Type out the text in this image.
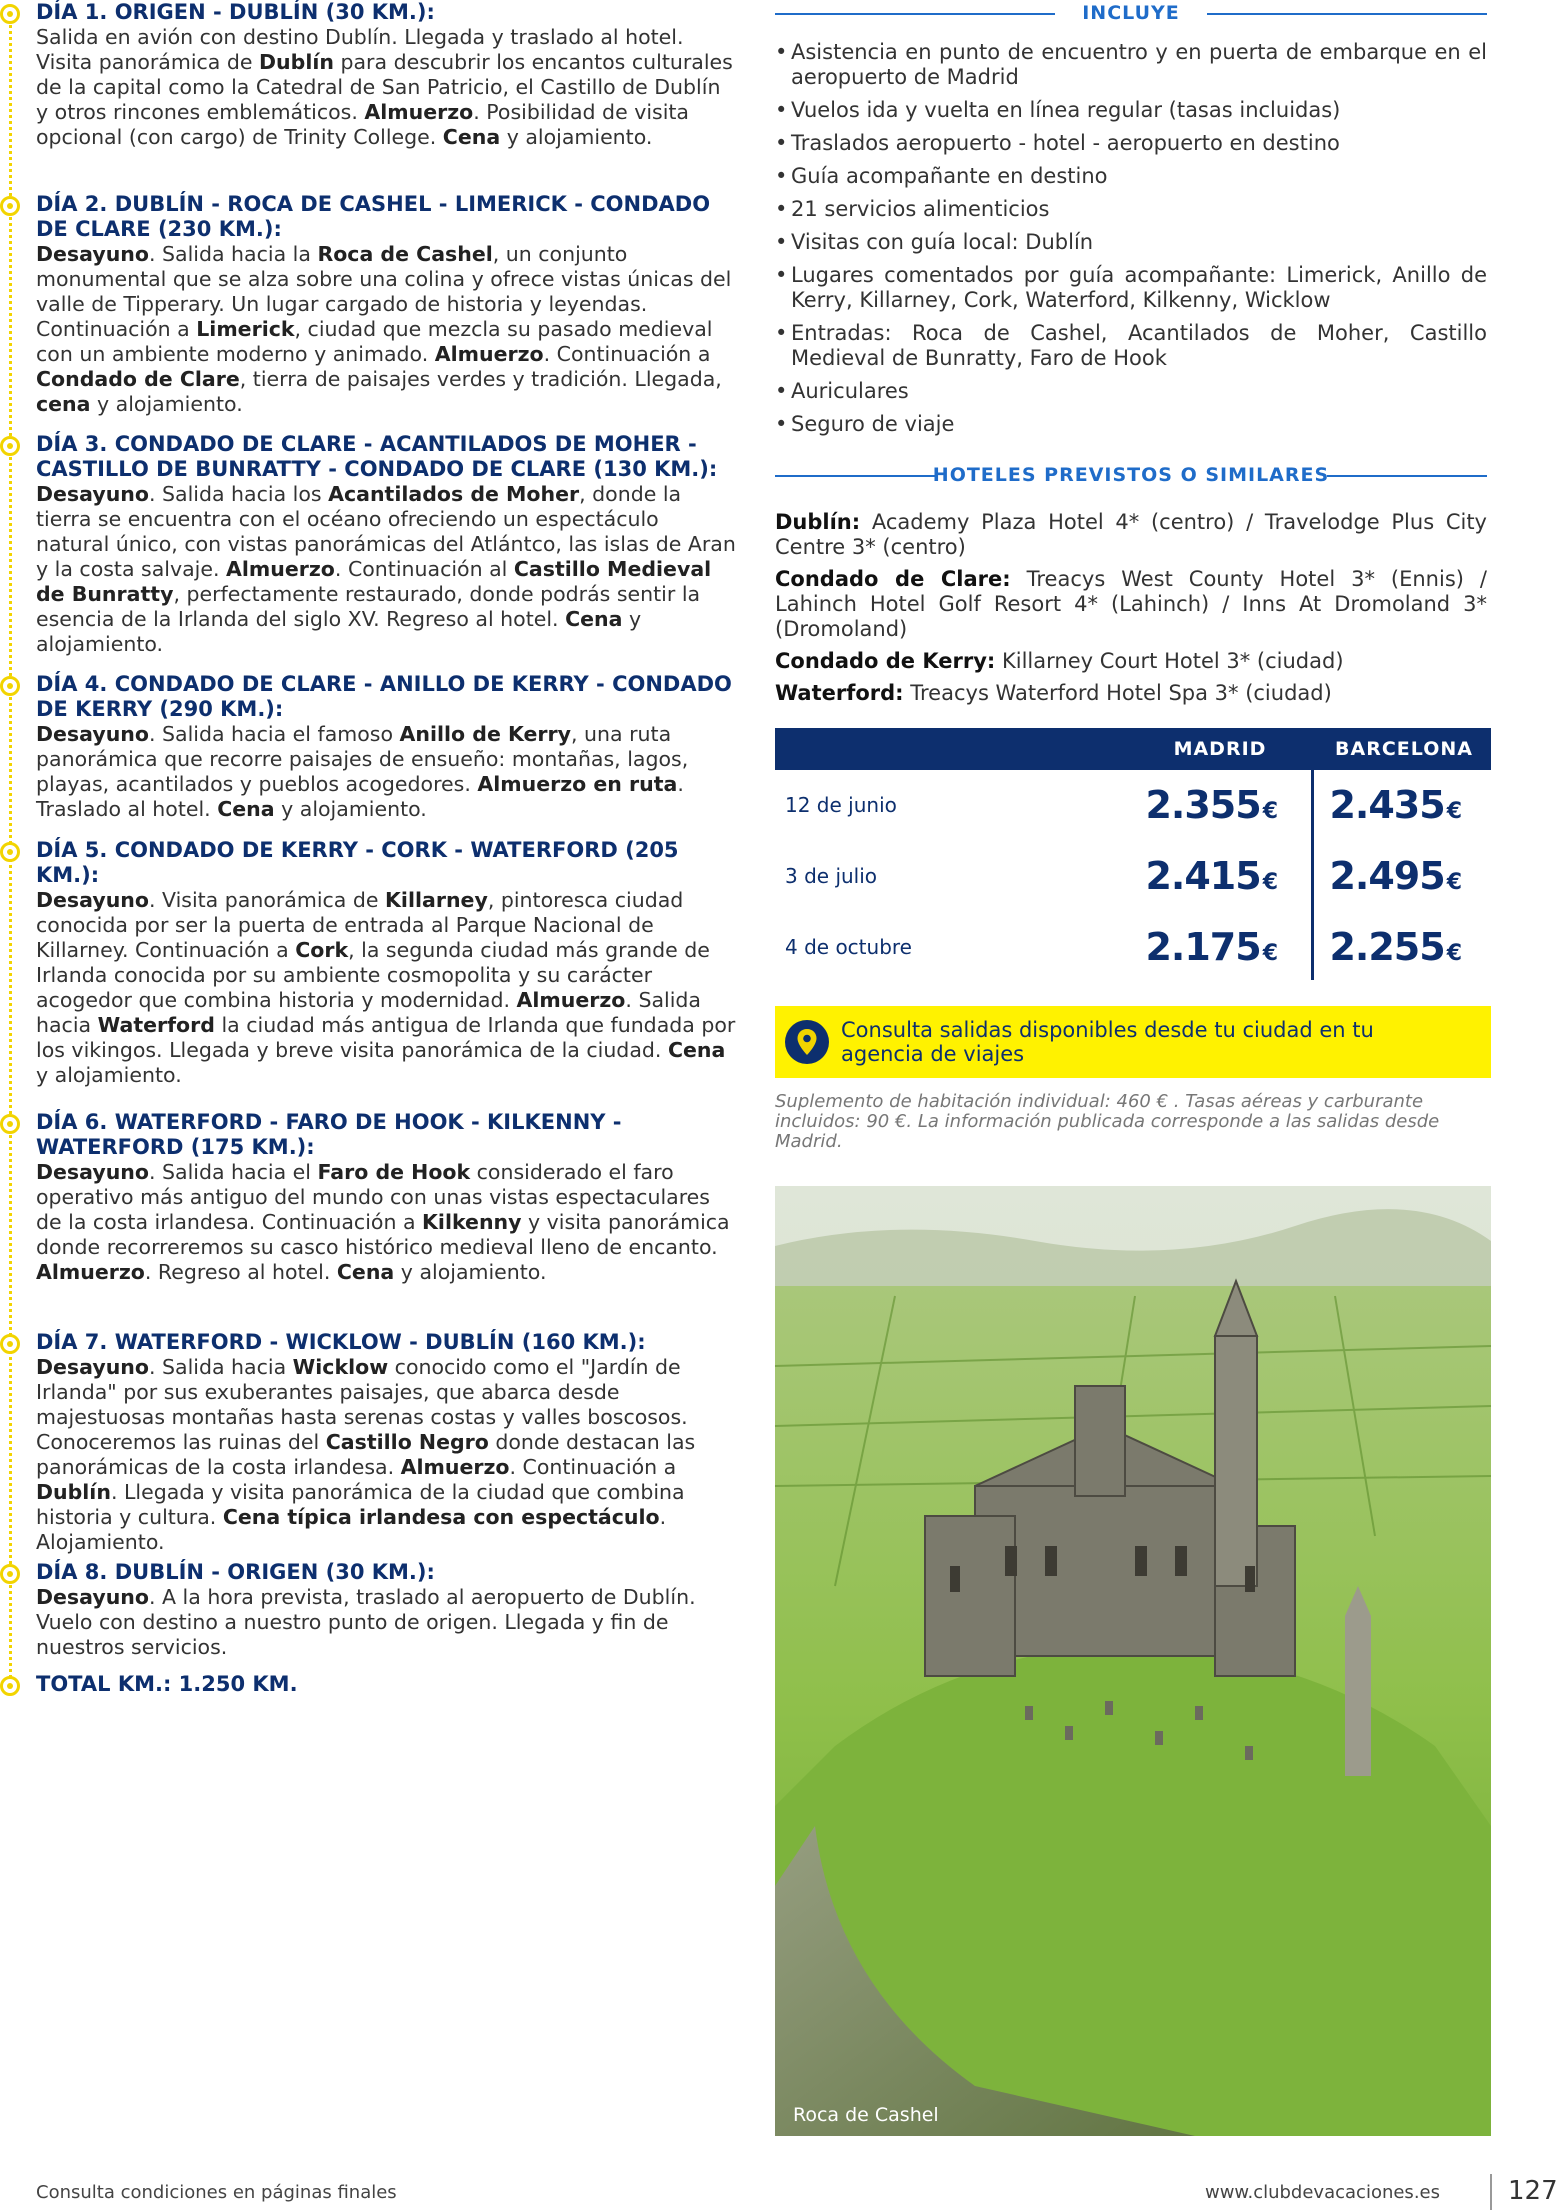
DÍA 1. ORIGEN - DUBLÍN (30 KM.):
Salida en avión con destino Dublín. Llegada y traslado al hotel. Visita panorámica de Dublín para descubrir los encantos culturales de la capital como la Catedral de San Patricio, el Castillo de Dublín y otros rincones emblemáticos. Almuerzo. Posibilidad de visita opcional (con cargo) de Trinity College. Cena y alojamiento.
DÍA 2. DUBLÍN - ROCA DE CASHEL - LIMERICK - CONDADO DE CLARE (230 KM.):
Desayuno. Salida hacia la Roca de Cashel, un conjunto monumental que se alza sobre una colina y ofrece vistas únicas del valle de Tipperary. Un lugar cargado de historia y leyendas. Continuación a Limerick, ciudad que mezcla su pasado medieval con un ambiente moderno y animado. Almuerzo. Continuación a Condado de Clare, tierra de paisajes verdes y tradición. Llegada, cena y alojamiento.
DÍA 3. CONDADO DE CLARE - ACANTILADOS DE MOHER - CASTILLO DE BUNRATTY - CONDADO DE CLARE (130 KM.):
Desayuno. Salida hacia los Acantilados de Moher, donde la tierra se encuentra con el océano ofreciendo un espectáculo natural único, con vistas panorámicas del Atlántco, las islas de Aran y la costa salvaje. Almuerzo. Continuación al Castillo Medieval de Bunratty, perfectamente restaurado, donde podrás sentir la esencia de la Irlanda del siglo XV. Regreso al hotel. Cena y alojamiento.
DÍA 4. CONDADO DE CLARE - ANILLO DE KERRY - CONDADO DE KERRY (290 KM.):
Desayuno. Salida hacia el famoso Anillo de Kerry, una ruta panorámica que recorre paisajes de ensueño: montañas, lagos, playas, acantilados y pueblos acogedores. Almuerzo en ruta. Traslado al hotel. Cena y alojamiento.
DÍA 5. CONDADO DE KERRY - CORK - WATERFORD (205 KM.):
Desayuno. Visita panorámica de Killarney, pintoresca ciudad conocida por ser la puerta de entrada al Parque Nacional de Killarney. Continuación a Cork, la segunda ciudad más grande de Irlanda conocida por su ambiente cosmopolita y su carácter acogedor que combina historia y modernidad. Almuerzo. Salida hacia Waterford la ciudad más antigua de Irlanda que fundada por los vikingos. Llegada y breve visita panorámica de la ciudad. Cena y alojamiento.
DÍA 6. WATERFORD - FARO DE HOOK - KILKENNY - WATERFORD (175 KM.):
Desayuno. Salida hacia el Faro de Hook considerado el faro operativo más antiguo del mundo con unas vistas espectaculares de la costa irlandesa. Continuación a Kilkenny y visita panorámica donde recorreremos su casco histórico medieval lleno de encanto. Almuerzo. Regreso al hotel. Cena y alojamiento.
DÍA 7. WATERFORD - WICKLOW - DUBLÍN (160 KM.):
Desayuno. Salida hacia Wicklow conocido como el "Jardín de Irlanda" por sus exuberantes paisajes, que abarca desde majestuosas montañas hasta serenas costas y valles boscosos. Conoceremos las ruinas del Castillo Negro donde destacan las panorámicas de la costa irlandesa. Almuerzo. Continuación a Dublín. Llegada y visita panorámica de la ciudad que combina historia y cultura. Cena típica irlandesa con espectáculo. Alojamiento.
DÍA 8. DUBLÍN - ORIGEN (30 KM.):
Desayuno. A la hora prevista, traslado al aeropuerto de Dublín. Vuelo con destino a nuestro punto de origen. Llegada y fin de nuestros servicios.
TOTAL KM.: 1.250 KM.
INCLUYE
• Asistencia en punto de encuentro y en puerta de embarque en el aeropuerto de Madrid
• Vuelos ida y vuelta en línea regular (tasas incluidas)
• Traslados aeropuerto - hotel - aeropuerto en destino
• Guía acompañante en destino
• 21 servicios alimenticios
• Visitas con guía local: Dublín
• Lugares comentados por guía acompañante: Limerick, Anillo de Kerry, Killarney, Cork, Waterford, Kilkenny, Wicklow
• Entradas: Roca de Cashel, Acantilados de Moher, Castillo Medieval de Bunratty, Faro de Hook
• Auriculares
• Seguro de viaje
HOTELES PREVISTOS O SIMILARES
Dublín: Academy Plaza Hotel 4* (centro) / Travelodge Plus City Centre 3* (centro)
Condado de Clare: Treacys West County Hotel 3* (Ennis) / Lahinch Hotel Golf Resort 4* (Lahinch) / Inns At Dromoland 3* (Dromoland)
Condado de Kerry: Killarney Court Hotel 3* (ciudad)
Waterford: Treacys Waterford Hotel Spa 3* (ciudad)
MADRID	BARCELONA
12 de junio	2.355€ 2.435€
3 de julio	2.415€ 2.495€
4 de octubre	2.175€ 2.255€
Consulta salidas disponibles desde tu ciudad en tu agencia de viajes
Suplemento de habitación individual: 460 € . Tasas aéreas y carburante incluidos: 90 €. La información publicada corresponde a las salidas desde Madrid.
Roca de Cashel
Consulta condiciones en páginas finales	www.clubdevacaciones.es	127
